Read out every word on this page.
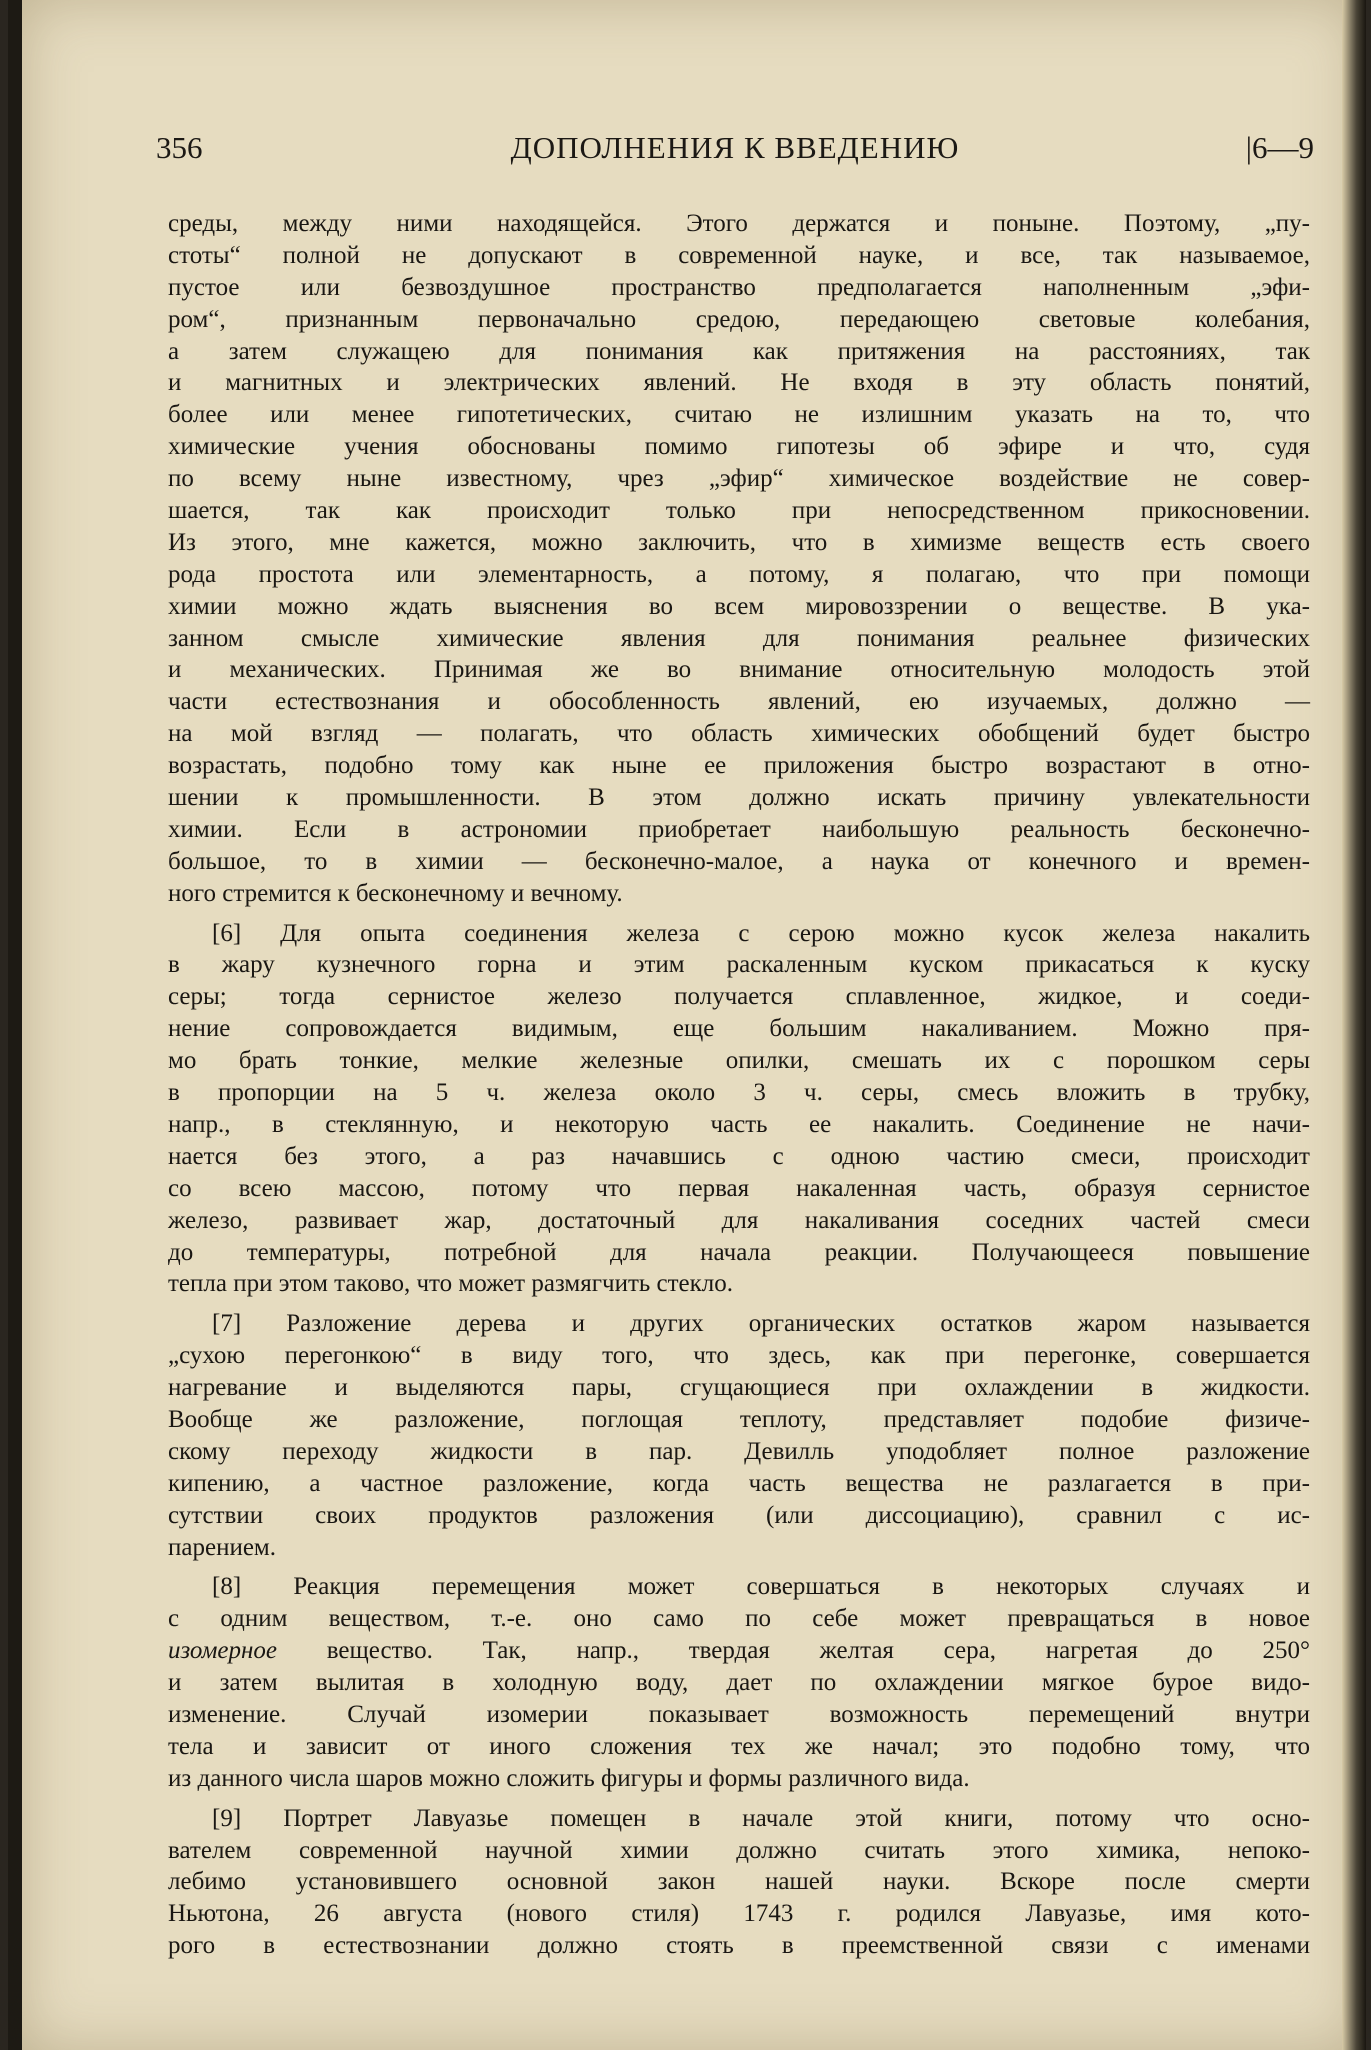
356	ДОПОЛНЕНИЯ К ВВЕДЕНИЮ	|6—9
среды, между ними находящейся. Этого держатся и поныне. Поэтому, „пу-
стоты“ полной не допускают в современной науке, и все, так называемое,
пустое или безвоздушное пространство предполагается наполненным „эфи-
ром“, признанным первоначально средою, передающею световые колебания,
а затем служащею для понимания как притяжения на расстояниях, так
и магнитных и электрических явлений. Не входя в эту область понятий,
более или менее гипотетических, считаю не излишним указать на то, что
химические учения обоснованы помимо гипотезы об эфире и что, судя
по всему ныне известному, чрез „эфир“ химическое воздействие не совер-
шается, так как происходит только при непосредственном прикосновении.
Из этого, мне кажется, можно заключить, что в химизме веществ есть своего
рода простота или элементарность, а потому, я полагаю, что при помощи
химии можно ждать выяснения во всем мировоззрении о веществе. В ука-
занном смысле химические явления для понимания реальнее физических
и механических. Принимая же во внимание относительную молодость этой
части естествознания и обособленность явлений, ею изучаемых, должно —
на мой взгляд — полагать, что область химических обобщений будет быстро
возрастать, подобно тому как ныне ее приложения быстро возрастают в отно-
шении к промышленности. В этом должно искать причину увлекательности
химии. Если в астрономии приобретает наибольшую реальность бесконечно-
большое, то в химии — бесконечно-малое, а наука от конечного и времен-
ного стремится к бесконечному и вечному.
[6] Для опыта соединения железа с серою можно кусок железа накалить
в жару кузнечного горна и этим раскаленным куском прикасаться к куску
серы; тогда сернистое железо получается сплавленное, жидкое, и соеди-
нение сопровождается видимым, еще большим накаливанием. Можно пря-
мо брать тонкие, мелкие железные опилки, смешать их с порошком серы
в пропорции на 5 ч. железа около 3 ч. серы, смесь вложить в трубку,
напр., в стеклянную, и некоторую часть ее накалить. Соединение не начи-
нается без этого, а раз начавшись с одною частию смеси, происходит
со всею массою, потому что первая накаленная часть, образуя сернистое
железо, развивает жар, достаточный для накаливания соседних частей смеси
до температуры, потребной для начала реакции. Получающееся повышение
тепла при этом таково, что может размягчить стекло.
[7] Разложение дерева и других органических остатков жаром называется
„сухою перегонкою“ в виду того, что здесь, как при перегонке, совершается
нагревание и выделяются пары, сгущающиеся при охлаждении в жидкости.
Вообще же разложение, поглощая теплоту, представляет подобие физиче-
скому переходу жидкости в пар. Девилль уподобляет полное разложение
кипению, а частное разложение, когда часть вещества не разлагается в при-
сутствии своих продуктов разложения (или диссоциацию), сравнил с ис-
парением.
[8] Реакция перемещения может совершаться в некоторых случаях и
с одним веществом, т.-е. оно само по себе может превращаться в новое
изомерное вещество. Так, напр., твердая желтая сера, нагретая до 250°
и затем вылитая в холодную воду, дает по охлаждении мягкое бурое видо-
изменение. Случай изомерии показывает возможность перемещений внутри
тела и зависит от иного сложения тех же начал; это подобно тому, что
из данного числа шаров можно сложить фигуры и формы различного вида.
[9] Портрет Лавуазье помещен в начале этой книги, потому что осно-
вателем современной научной химии должно считать этого химика, непоко-
лебимо установившего основной закон нашей науки. Вскоре после смерти
Ньютона, 26 августа (нового стиля) 1743 г. родился Лавуазье, имя кото-
рого в естествознании должно стоять в преемственной связи с именами
